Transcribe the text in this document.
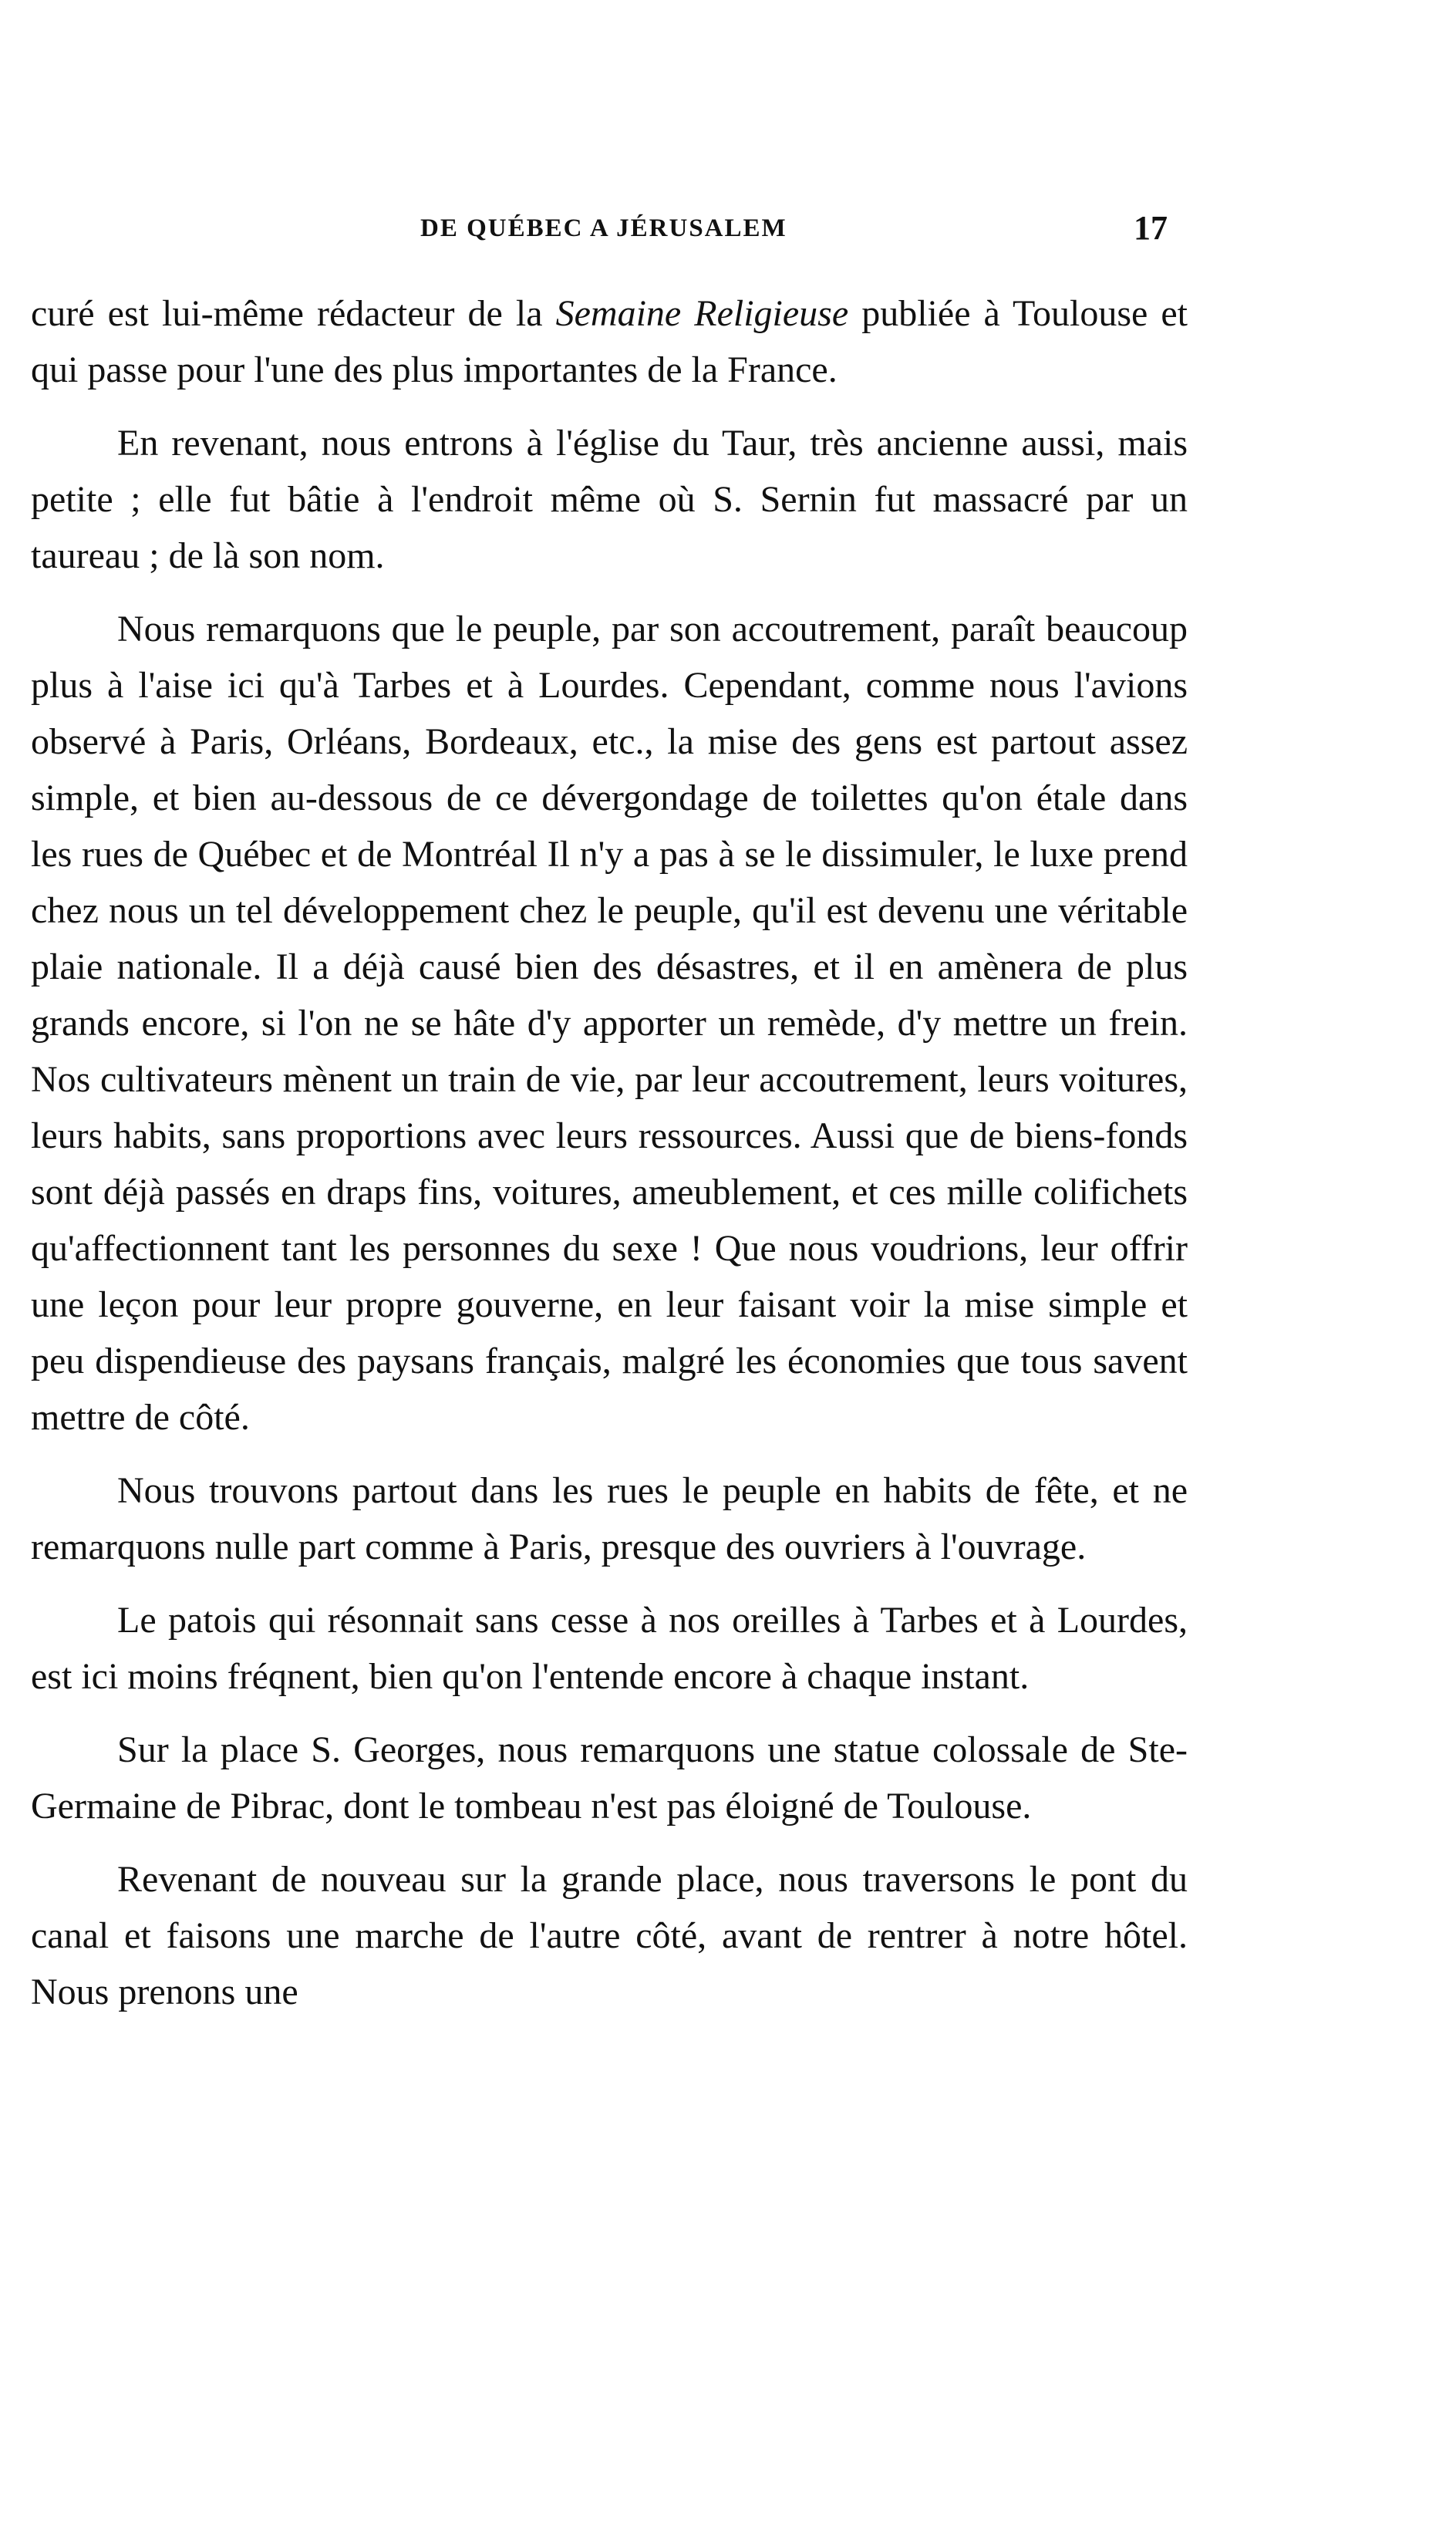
DE QUÉBEC A JÉRUSALEM	17

curé est lui-même rédacteur de la Semaine Religieuse publiée à Toulouse et qui passe pour l'une des plus importantes de la France.

En revenant, nous entrons à l'église du Taur, très ancienne aussi, mais petite ; elle fut bâtie à l'endroit même où S. Sernin fut massacré par un taureau ; de là son nom.

Nous remarquons que le peuple, par son accoutrement, paraît beaucoup plus à l'aise ici qu'à Tarbes et à Lourdes. Cependant, comme nous l'avions observé à Paris, Orléans, Bordeaux, etc., la mise des gens est partout assez simple, et bien au-dessous de ce dévergondage de toilettes qu'on étale dans les rues de Québec et de Montréal Il n'y a pas à se le dissimuler, le luxe prend chez nous un tel développement chez le peuple, qu'il est devenu une véritable plaie nationale. Il a déjà causé bien des désastres, et il en amènera de plus grands encore, si l'on ne se hâte d'y apporter un remède, d'y mettre un frein. Nos cultivateurs mènent un train de vie, par leur accoutrement, leurs voitures, leurs habits, sans proportions avec leurs ressources. Aussi que de biens-fonds sont déjà passés en draps fins, voitures, ameublement, et ces mille colifichets qu'affectionnent tant les personnes du sexe ! Que nous voudrions, leur offrir une leçon pour leur propre gouverne, en leur faisant voir la mise simple et peu dispendieuse des paysans français, malgré les économies que tous savent mettre de côté.

Nous trouvons partout dans les rues le peuple en habits de fête, et ne remarquons nulle part comme à Paris, presque des ouvriers à l'ouvrage.

Le patois qui résonnait sans cesse à nos oreilles à Tarbes et à Lourdes, est ici moins fréqnent, bien qu'on l'entende encore à chaque instant.

Sur la place S. Georges, nous remarquons une statue colossale de Ste-Germaine de Pibrac, dont le tombeau n'est pas éloigné de Toulouse.

Revenant de nouveau sur la grande place, nous traversons le pont du canal et faisons une marche de l'autre côté, avant de rentrer à notre hôtel. Nous prenons une
